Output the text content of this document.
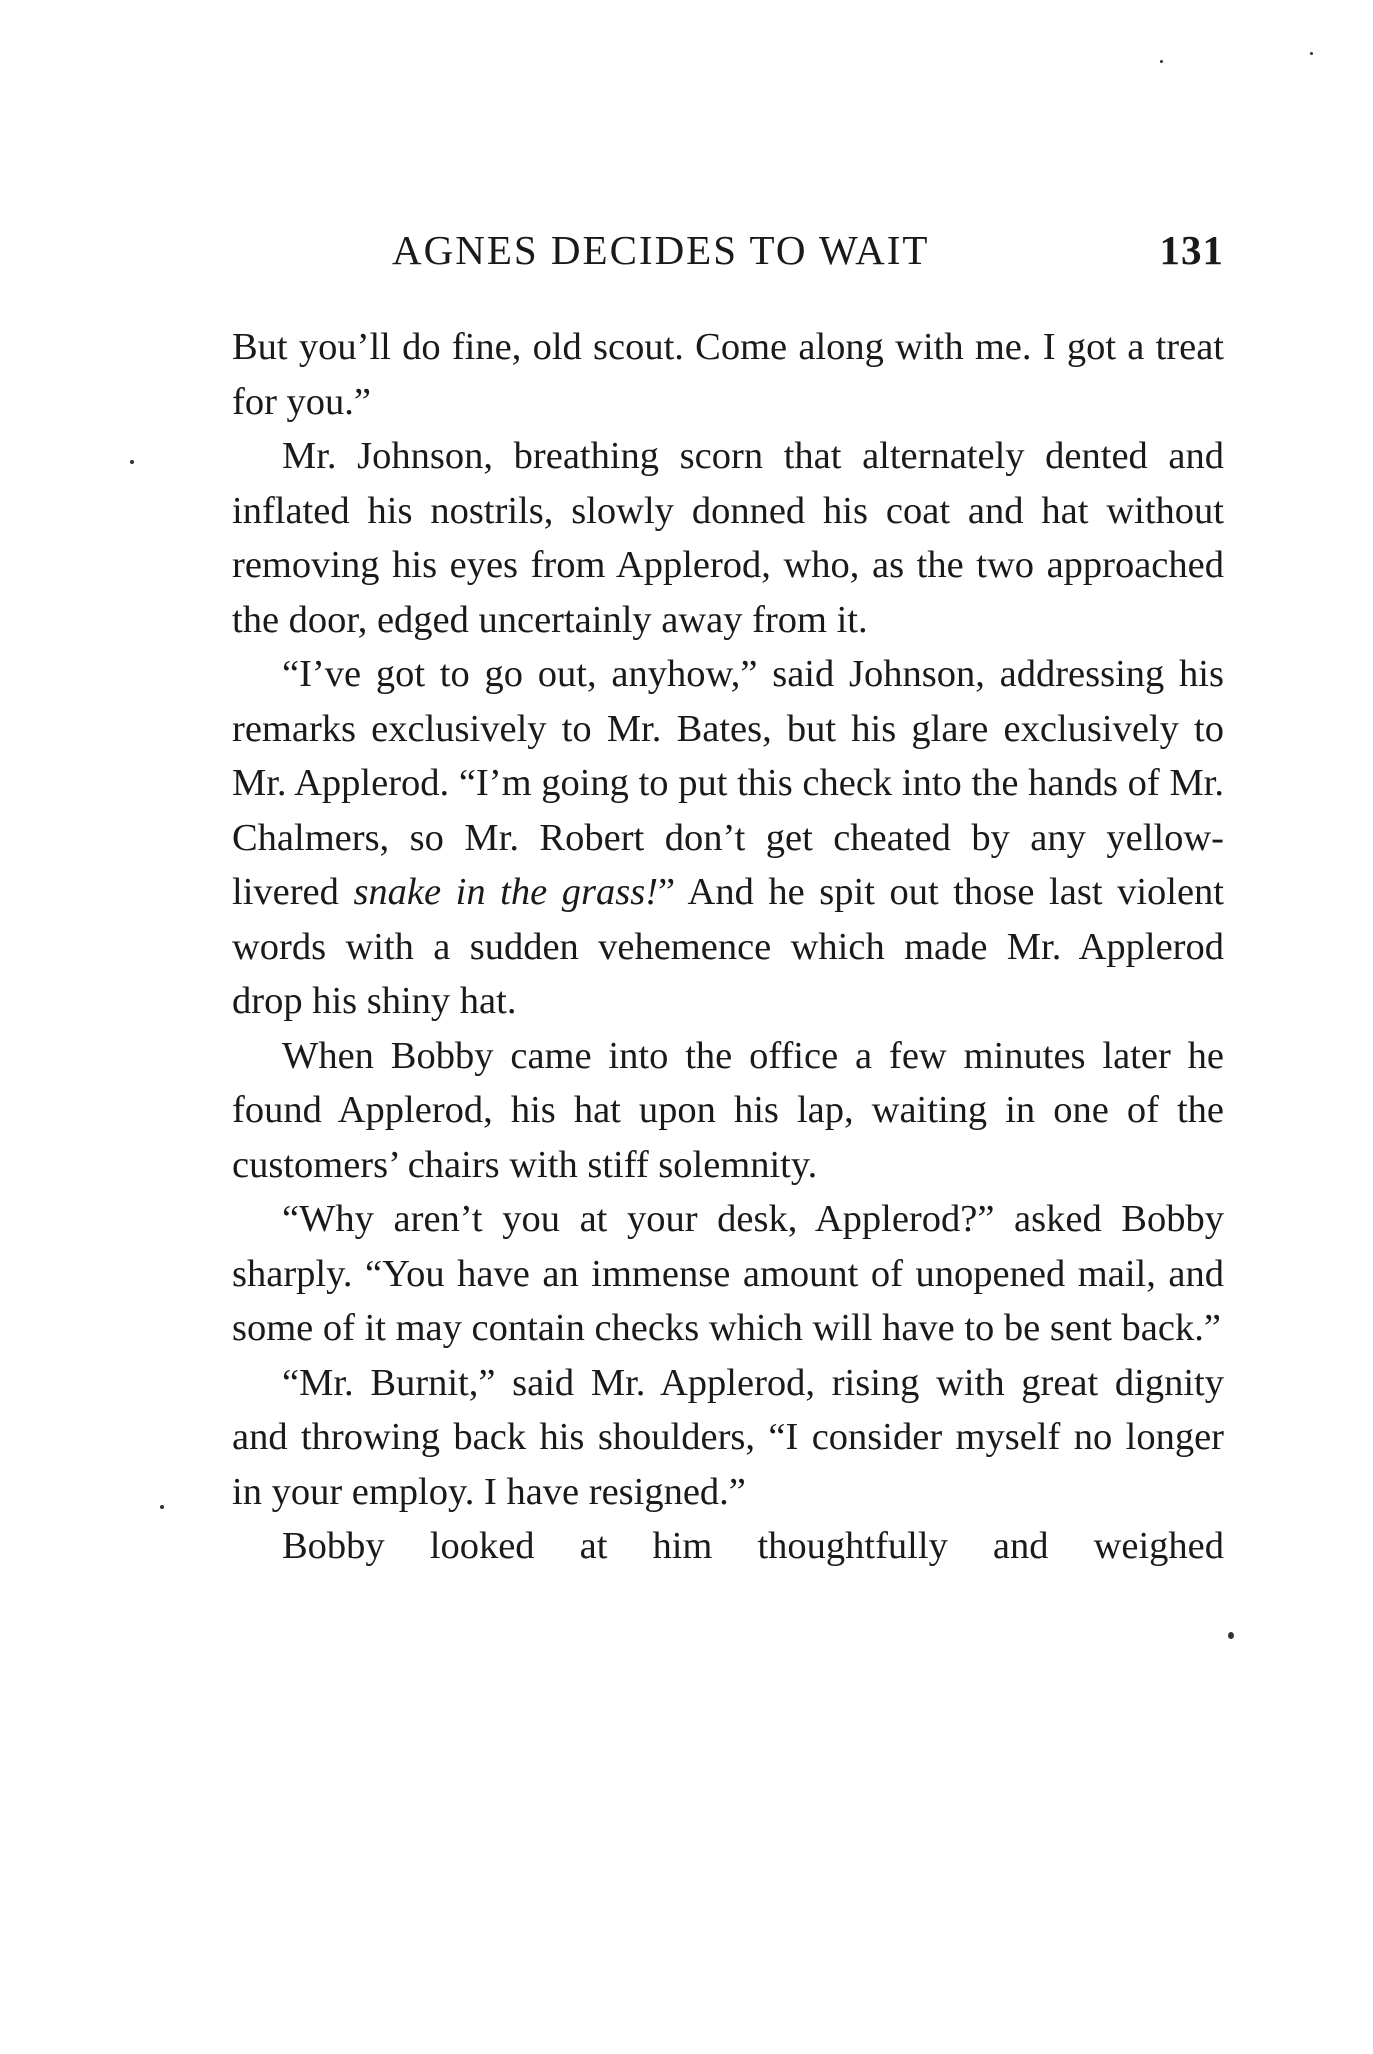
AGNES DECIDES TO WAIT	131

But you’ll do fine, old scout. Come along with me. I got a treat for you.”

Mr. Johnson, breathing scorn that alternately dented and inflated his nostrils, slowly donned his coat and hat without removing his eyes from Applerod, who, as the two approached the door, edged uncertainly away from it.

“I’ve got to go out, anyhow,” said Johnson, addressing his remarks exclusively to Mr. Bates, but his glare exclusively to Mr. Applerod. “I’m going to put this check into the hands of Mr. Chalmers, so Mr. Robert don’t get cheated by any yellow-livered snake in the grass!” And he spit out those last violent words with a sudden vehemence which made Mr. Applerod drop his shiny hat.

When Bobby came into the office a few minutes later he found Applerod, his hat upon his lap, waiting in one of the customers’ chairs with stiff solemnity.

“Why aren’t you at your desk, Applerod?” asked Bobby sharply. “You have an immense amount of unopened mail, and some of it may contain checks which will have to be sent back.”

“Mr. Burnit,” said Mr. Applerod, rising with great dignity and throwing back his shoulders, “I consider myself no longer in your employ. I have resigned.”

Bobby looked at him thoughtfully and weighed
